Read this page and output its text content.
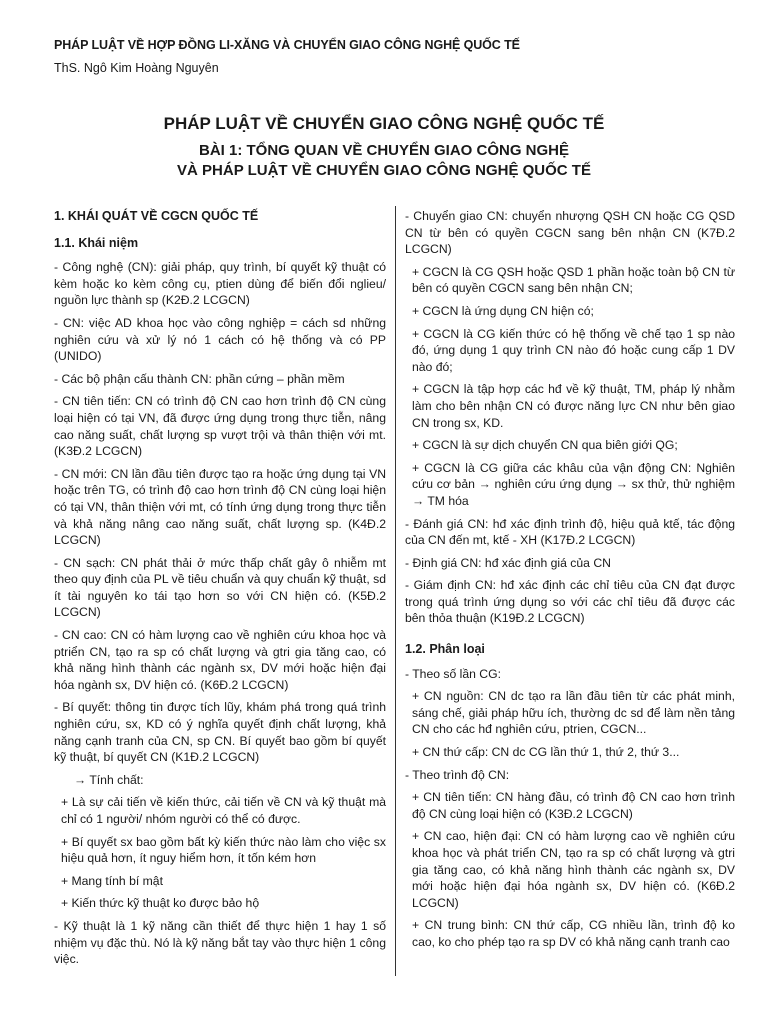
PHÁP LUẬT VỀ HỢP ĐỒNG LI-XĂNG VÀ CHUYỂN GIAO CÔNG NGHỆ QUỐC TẾ
ThS. Ngô Kim Hoàng Nguyên
PHÁP LUẬT VỀ CHUYỂN GIAO CÔNG NGHỆ QUỐC TẾ
BÀI 1: TỔNG QUAN VỀ CHUYỂN GIAO CÔNG NGHỆ
VÀ PHÁP LUẬT VỀ CHUYỂN GIAO CÔNG NGHỆ QUỐC TẾ
1. KHÁI QUÁT VỀ CGCN QUỐC TẾ
1.1. Khái niệm
- Công nghệ (CN): giải pháp, quy trình, bí quyết kỹ thuật có kèm hoặc ko kèm công cụ, ptien dùng để biến đổi nglieu/ nguồn lực thành sp (K2Đ.2 LCGCN)
- CN: việc AD khoa học vào công nghiệp = cách sd những nghiên cứu và xử lý nó 1 cách có hệ thống và có PP (UNIDO)
- Các bộ phận cấu thành CN: phần cứng – phần mềm
- CN tiên tiến: CN có trình độ CN cao hơn trình độ CN cùng loại hiện có tại VN, đã được ứng dụng trong thực tiễn, nâng cao năng suất, chất lượng sp vượt trội và thân thiện với mt. (K3Đ.2 LCGCN)
- CN mới: CN lần đầu tiên được tạo ra hoặc ứng dụng tại VN hoặc trên TG, có trình độ cao hơn trình độ CN cùng loại hiện có tại VN, thân thiện với mt, có tính ứng dụng trong thực tiễn và khả năng nâng cao năng suất, chất lượng sp. (K4Đ.2 LCGCN)
- CN sạch: CN phát thải ở mức thấp chất gây ô nhiễm mt theo quy định của PL về tiêu chuẩn và quy chuẩn kỹ thuật, sd ít tài nguyên ko tái tạo hơn so với CN hiện có. (K5Đ.2 LCGCN)
- CN cao: CN có hàm lượng cao về nghiên cứu khoa học và ptriển CN, tạo ra sp có chất lượng và gtri gia tăng cao, có khả năng hình thành các ngành sx, DV mới hoặc hiện đại hóa ngành sx, DV hiện có. (K6Đ.2 LCGCN)
- Bí quyết: thông tin được tích lũy, khám phá trong quá trình nghiên cứu, sx, KD có ý nghĩa quyết định chất lượng, khả năng cạnh tranh của CN, sp CN. Bí quyết bao gồm bí quyết kỹ thuật, bí quyết CN (K1Đ.2 LCGCN)
→ Tính chất:
+ Là sự cải tiến về kiến thức, cải tiến về CN và kỹ thuật mà chỉ có 1 người/ nhóm người có thể có được.
+ Bí quyết sx bao gồm bất kỳ kiến thức nào làm cho việc sx hiệu quả hơn, ít nguy hiểm hơn, ít tốn kém hơn
+ Mang tính bí mật
+ Kiến thức kỹ thuật ko được bảo hộ
- Kỹ thuật là 1 kỹ năng cần thiết để thực hiện 1 hay 1 số nhiệm vụ đặc thù. Nó là kỹ năng bắt tay vào thực hiện 1 công việc.
- Chuyển giao CN: chuyển nhượng QSH CN hoặc CG QSD CN từ bên có quyền CGCN sang bên nhận CN (K7Đ.2 LCGCN)
+ CGCN là CG QSH hoặc QSD 1 phần hoặc toàn bộ CN từ bên có quyền CGCN sang bên nhận CN;
+ CGCN là ứng dụng CN hiện có;
+ CGCN là CG kiến thức có hệ thống về chế tạo 1 sp nào đó, ứng dụng 1 quy trình CN nào đó hoặc cung cấp 1 DV nào đó;
+ CGCN là tập hợp các hđ về kỹ thuật, TM, pháp lý nhằm làm cho bên nhận CN có được năng lực CN như bên giao CN trong sx, KD.
+ CGCN là sự dịch chuyển CN qua biên giới QG;
+ CGCN là CG giữa các khâu của vận động CN: Nghiên cứu cơ bản → nghiên cứu ứng dụng → sx thử, thử nghiệm → TM hóa
- Đánh giá CN: hđ xác định trình độ, hiệu quả ktế, tác động của CN đến mt, ktế - XH (K17Đ.2 LCGCN)
- Định giá CN: hđ xác định giá của CN
- Giám định CN: hđ xác định các chỉ tiêu của CN đạt được trong quá trình ứng dụng so với các chỉ tiêu đã được các bên thỏa thuận (K19Đ.2 LCGCN)
1.2. Phân loại
- Theo số lần CG:
+ CN nguồn: CN dc tạo ra lần đầu tiên từ các phát minh, sáng chế, giải pháp hữu ích, thường dc sd để làm nền tảng CN cho các hđ nghiên cứu, ptrien, CGCN...
+ CN thứ cấp: CN dc CG lần thứ 1, thứ 2, thứ 3...
- Theo trình độ CN:
+ CN tiên tiến: CN hàng đầu, có trình độ CN cao hơn trình độ CN cùng loại hiện có (K3Đ.2 LCGCN)
+ CN cao, hiện đại: CN có hàm lượng cao về nghiên cứu khoa học và phát triển CN, tạo ra sp có chất lượng và gtri gia tăng cao, có khả năng hình thành các ngành sx, DV mới hoặc hiện đại hóa ngành sx, DV hiện có. (K6Đ.2 LCGCN)
+ CN trung bình: CN thứ cấp, CG nhiều lần, trình độ ko cao, ko cho phép tạo ra sp DV có khả năng cạnh tranh cao
